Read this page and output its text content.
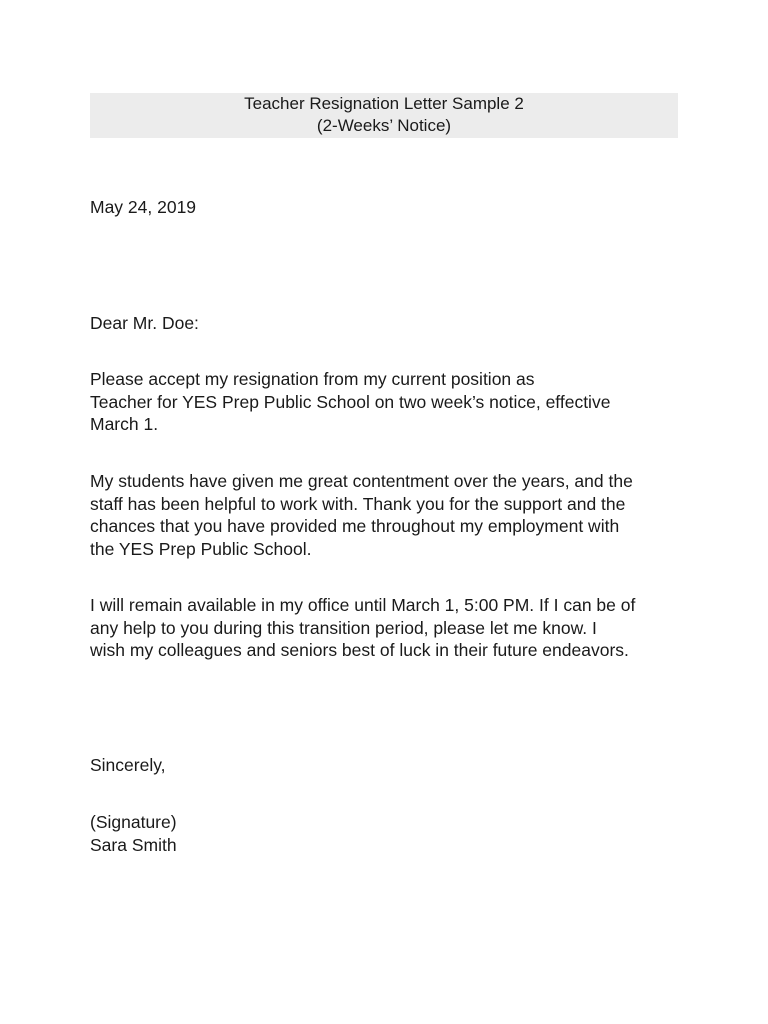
Teacher Resignation Letter Sample 2
(2-Weeks’ Notice)
May 24, 2019
Dear Mr. Doe:
Please accept my resignation from my current position as
Teacher for YES Prep Public School on two week’s notice, effective
March 1.
My students have given me great contentment over the years, and the
staff has been helpful to work with. Thank you for the support and the
chances that you have provided me throughout my employment with
the YES Prep Public School.
I will remain available in my office until March 1, 5:00 PM. If I can be of
any help to you during this transition period, please let me know. I
wish my colleagues and seniors best of luck in their future endeavors.
Sincerely,
(Signature)
Sara Smith
